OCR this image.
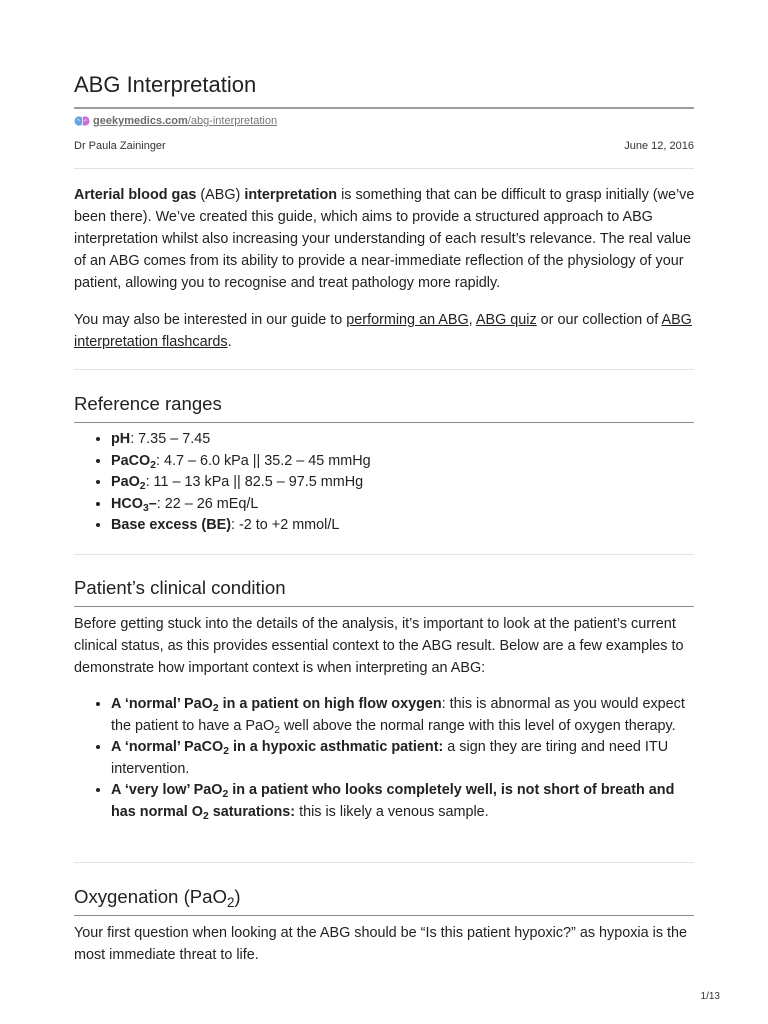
ABG Interpretation
geekymedics.com/abg-interpretation
Dr Paula Zaininger	June 12, 2016

Arterial blood gas (ABG) interpretation is something that can be difficult to grasp initially (we’ve been there). We’ve created this guide, which aims to provide a structured approach to ABG interpretation whilst also increasing your understanding of each result’s relevance. The real value of an ABG comes from its ability to provide a near-immediate reflection of the physiology of your patient, allowing you to recognise and treat pathology more rapidly.

You may also be interested in our guide to performing an ABG, ABG quiz or our collection of ABG interpretation flashcards.

Reference ranges
• pH: 7.35 – 7.45
• PaCO$_2$: 4.7 – 6.0 kPa || 35.2 – 45 mmHg
• PaO$_2$: 11 – 13 kPa || 82.5 – 97.5 mmHg
• $HCO_3-$: 22 – 26 mEq/L
• Base excess (BE): -2 to +2 mmol/L
Patient’s clinical condition

Before getting stuck into the details of the analysis, it’s important to look at the patient’s current clinical status, as this provides essential context to the ABG result. Below are a few examples to demonstrate how important context is when interpreting an ABG:

• A ‘normal’ PaO$_2$ in a patient on high flow oxygen: this is abnormal as you would expect the patient to have a PaO$_2$ well above the normal range with this level of oxygen therapy.
• A ‘normal’ PaCO$_2$ in a hypoxic asthmatic patient: a sign they are tiring and need ITU intervention.
• A ‘very low’ PaO$_2$ in a patient who looks completely well, is not short of breath and has normal $O_2$ saturations: this is likely a venous sample.
Oxygenation (PaO$_2$)

Your first question when looking at the ABG should be “Is this patient hypoxic?” as hypoxia is the most immediate threat to life.

1/13
